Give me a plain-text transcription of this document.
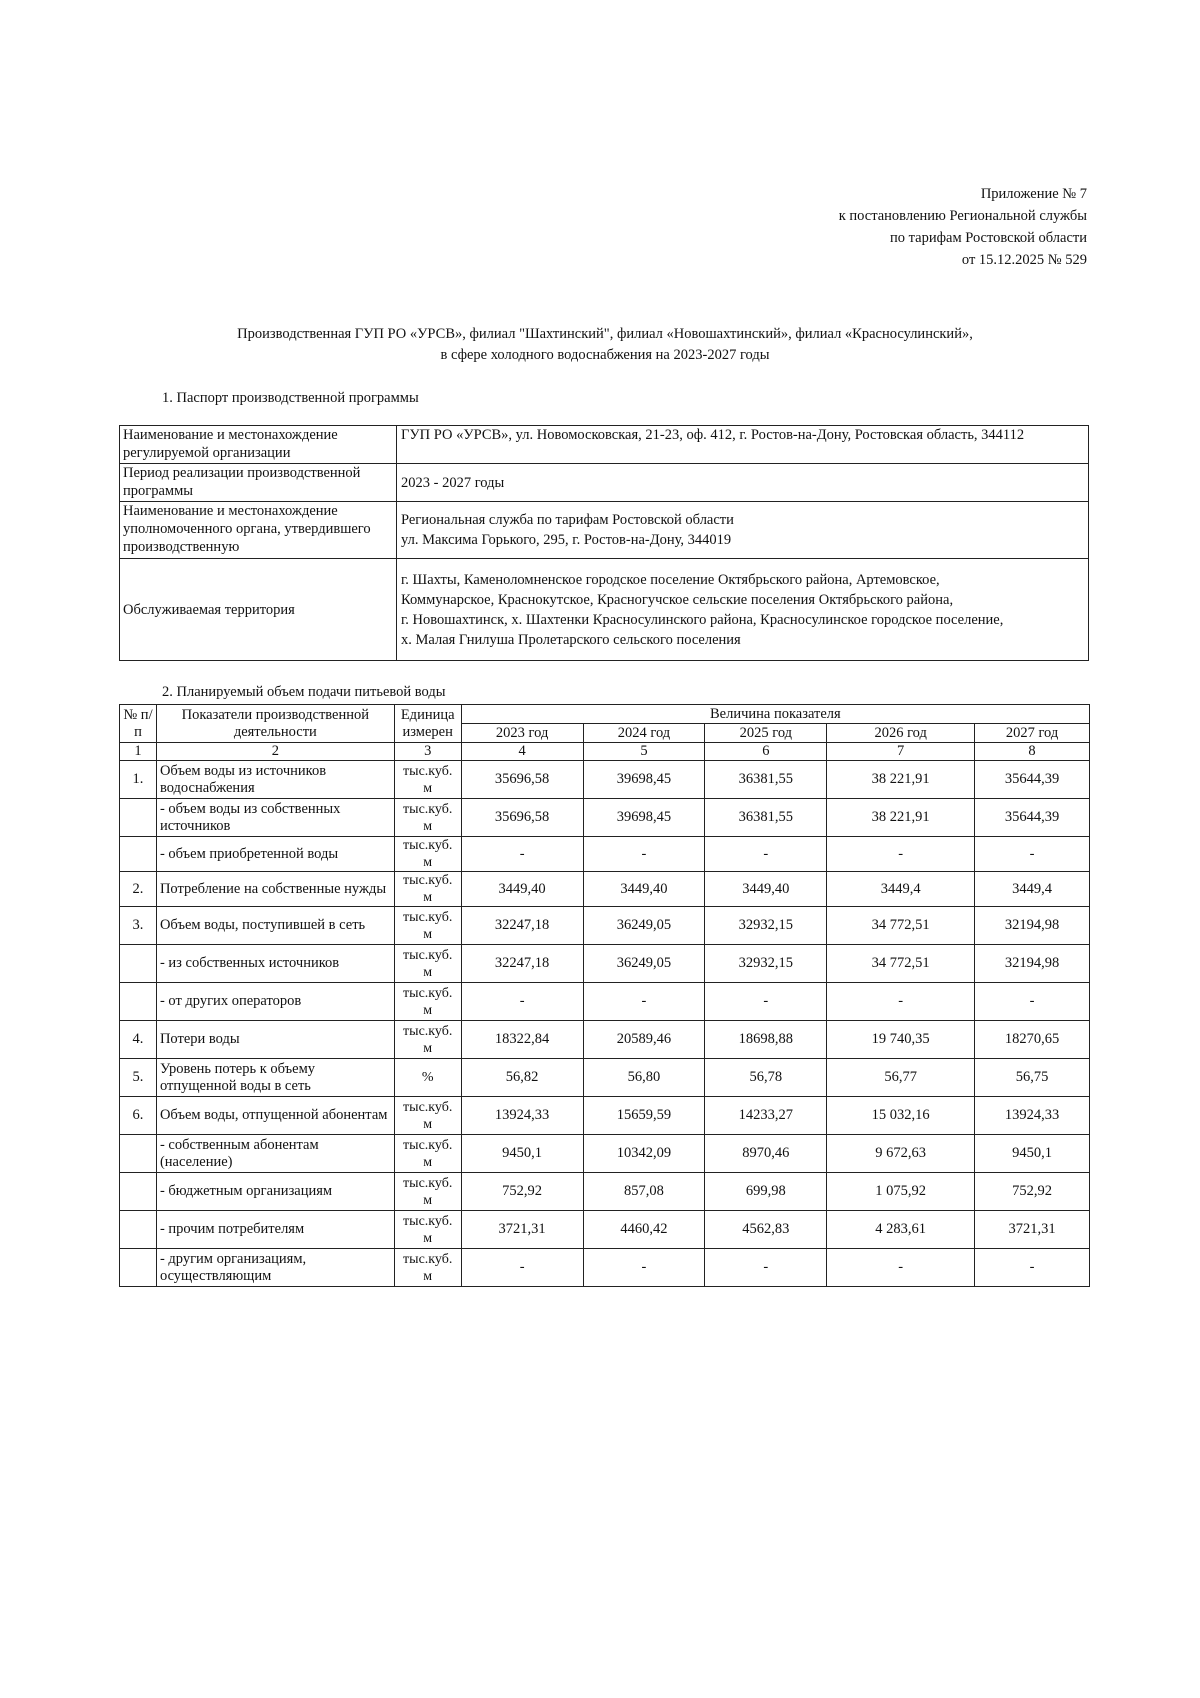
Приложение № 7
к постановлению Региональной службы
по тарифам Ростовской области
от 15.12.2025 № 529
Производственная ГУП РО «УРСВ», филиал "Шахтинский", филиал «Новошахтинский», филиал «Красносулинский»,
в сфере холодного водоснабжения на 2023-2027 годы
1. Паспорт производственной программы
Наименование и местонахождение регулируемой организации	ГУП РО «УРСВ», ул. Новомосковская, 21-23, оф. 412, г. Ростов-на-Дону, Ростовская область, 344112
Период реализации производственной программы	2023 - 2027 годы
Наименование и местонахождение уполномоченного органа, утвердившего производственную	Региональная служба по тарифам Ростовской области
ул. Максима Горького, 295, г. Ростов-на-Дону, 344019

Обслуживаемая территория	г. Шахты, Каменоломненское городское поселение Октябрьского района, Артемовское,
Коммунарское, Краснокутское, Красногучское сельские поселения Октябрьского района,
г. Новошахтинск, х. Шахтенки Красносулинского района, Красносулинское городское поселение,
х. Малая Гнилуша Пролетарского сельского поселения
2. Планируемый объем подачи питьевой воды
№ п/п	Показатели производственной деятельности	Единица измерен	Величина показателя				
			2023 год	2024 год	2025 год	2026 год	2027 год
1	2	3	4	5	6	7	8
1.	Объем воды из источников водоснабжения	тыс.куб. м	35696,58	39698,45	36381,55	38 221,91	35644,39
	- объем воды из собственных источников	тыс.куб. м	35696,58	39698,45	36381,55	38 221,91	35644,39
	- объем приобретенной воды	тыс.куб. м	-	-	-	-	-
2.	Потребление на собственные нужды	тыс.куб. м	3449,40	3449,40	3449,40	3449,4	3449,4
3.	Объем воды, поступившей в сеть	тыс.куб. м	32247,18	36249,05	32932,15	34 772,51	32194,98
	- из собственных источников	тыс.куб. м	32247,18	36249,05	32932,15	34 772,51	32194,98
	- от других операторов	тыс.куб. м	-	-	-	-	-
4.	Потери воды	тыс.куб. м	18322,84	20589,46	18698,88	19 740,35	18270,65
5.	Уровень потерь к объему отпущенной воды в сеть	%	56,82	56,80	56,78	56,77	56,75
6.	Объем воды, отпущенной абонентам	тыс.куб. м	13924,33	15659,59	14233,27	15 032,16	13924,33
	- собственным абонентам (население)	тыс.куб. м	9450,1	10342,09	8970,46	9 672,63	9450,1
	- бюджетным организациям	тыс.куб. м	752,92	857,08	699,98	1 075,92	752,92
	- прочим потребителям	тыс.куб. м	3721,31	4460,42	4562,83	4 283,61	3721,31
	- другим организациям, осуществляющим	тыс.куб. м	-	-	-	-	-
